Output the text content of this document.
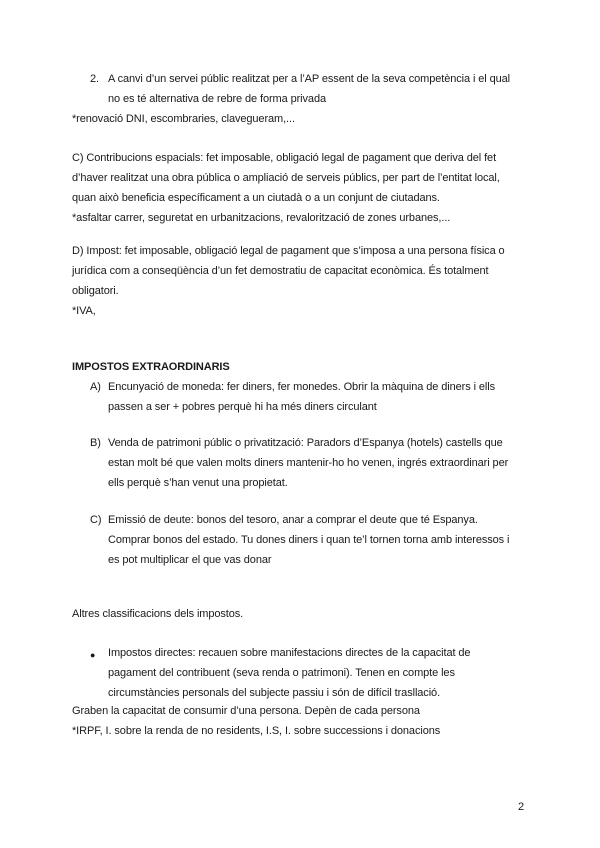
2. A canvi d’un servei públic realitzat per a l’AP essent de la seva competència i el qual
no es té alternativa de rebre de forma privada
*renovació DNI, escombraries, clavegueram,...
C) Contribucions espacials: fet imposable, obligació legal de pagament que deriva del fet
d’haver realitzat una obra pública o ampliació de serveis públics, per part de l’entitat local,
quan això beneficia específicament a un ciutadà o a un conjunt de ciutadans.
*asfaltar carrer, seguretat en urbanitzacions, revalorització de zones urbanes,...
D) Impost: fet imposable, obligació legal de pagament que s’imposa a una persona física o
jurídica com a conseqüència d’un fet demostratiu de capacitat econòmica. És totalment
obligatori.
*IVA,
IMPOSTOS EXTRAORDINARIS
A) Encunyació de moneda: fer diners, fer monedes. Obrir la màquina de diners i ells
passen a ser + pobres perquè hi ha més diners circulant
B) Venda de patrimoni públic o privatització: Paradors d’Espanya (hotels) castells que
estan molt bé que valen molts diners mantenir-ho ho venen, ingrés extraordinari per
ells perquè s’han venut una propietat.
C) Emissió de deute: bonos del tesoro, anar a comprar el deute que té Espanya.
Comprar bonos del estado. Tu dones diners i quan te’l tornen torna amb interessos i
es pot multiplicar el que vas donar
Altres classificacions dels impostos.
● Impostos directes: recauen sobre manifestacions directes de la capacitat de
pagament del contribuent (seva renda o patrimoni). Tenen en compte les
circumstàncies personals del subjecte passiu i són de difícil trasllació.
Graben la capacitat de consumir d’una persona. Depèn de cada persona
*IRPF, I. sobre la renda de no residents, I.S, I. sobre successions i donacions
2
